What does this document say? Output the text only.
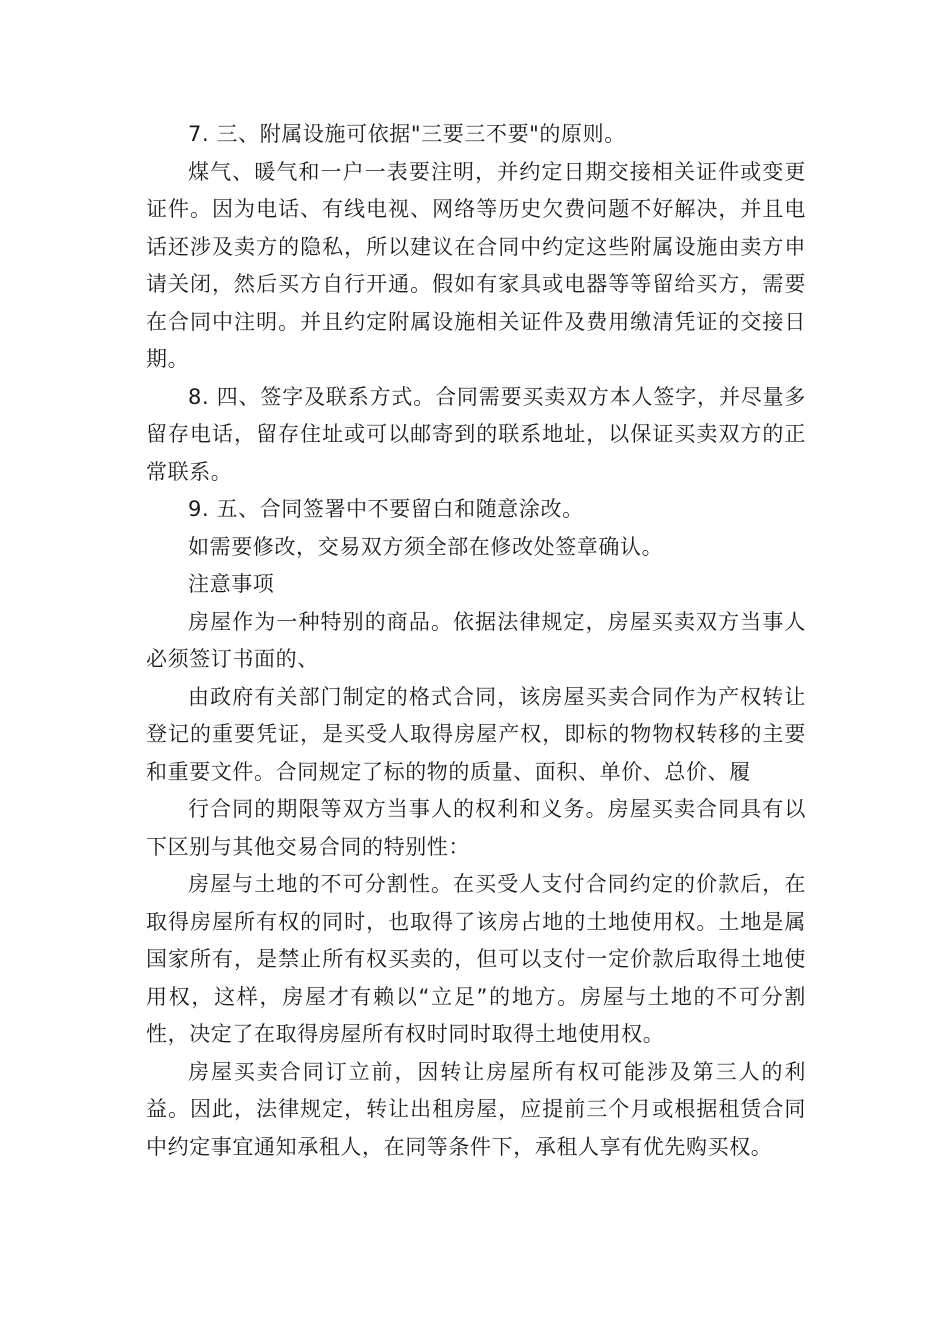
7. 三、附属设施可依据"三要三不要"的原则。

煤气、暖气和一户一表要注明，并约定日期交接相关证件或变更证件。因为电话、有线电视、网络等历史欠费问题不好解决，并且电话还涉及卖方的隐私，所以建议在合同中约定这些附属设施由卖方申请关闭，然后买方自行开通。假如有家具或电器等等留给买方，需要在合同中注明。并且约定附属设施相关证件及费用缴清凭证的交接日期。

8. 四、签字及联系方式。合同需要买卖双方本人签字，并尽量多留存电话，留存住址或可以邮寄到的联系地址，以保证买卖双方的正常联系。

9. 五、合同签署中不要留白和随意涂改。

如需要修改，交易双方须全部在修改处签章确认。

注意事项

房屋作为一种特别的商品。依据法律规定，房屋买卖双方当事人必须签订书面的、

由政府有关部门制定的格式合同，该房屋买卖合同作为产权转让登记的重要凭证，是买受人取得房屋产权，即标的物物权转移的主要和重要文件。合同规定了标的物的质量、面积、单价、总价、履

行合同的期限等双方当事人的权利和义务。房屋买卖合同具有以下区别与其他交易合同的特别性：

房屋与土地的不可分割性。在买受人支付合同约定的价款后，在取得房屋所有权的同时，也取得了该房占地的土地使用权。土地是属国家所有，是禁止所有权买卖的，但可以支付一定价款后取得土地使用权，这样，房屋才有赖以“立足”的地方。房屋与土地的不可分割性，决定了在取得房屋所有权时同时取得土地使用权。

房屋买卖合同订立前，因转让房屋所有权可能涉及第三人的利益。因此，法律规定，转让出租房屋，应提前三个月或根据租赁合同中约定事宜通知承租人，在同等条件下，承租人享有优先购买权。
